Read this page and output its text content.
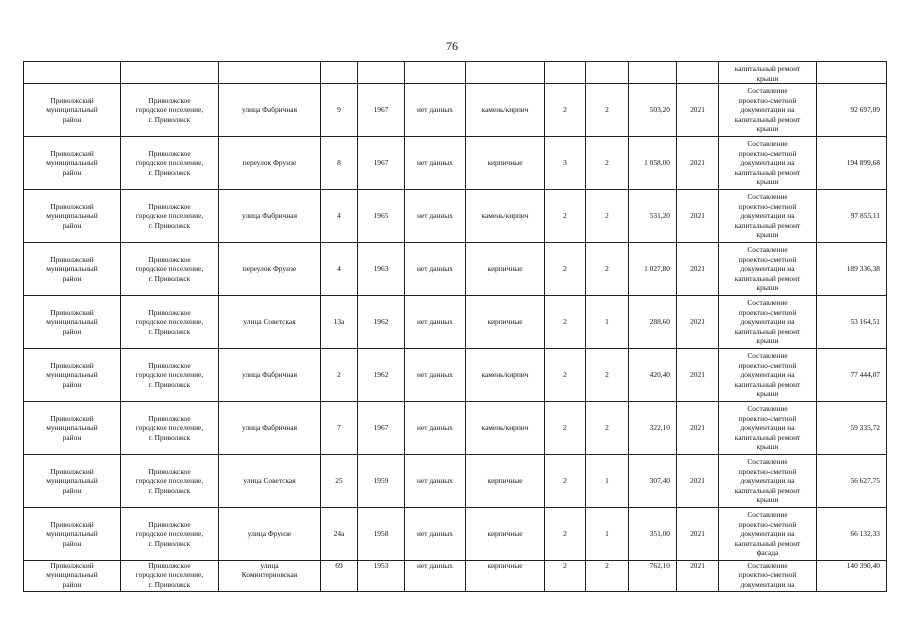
76

											капитальный ремонт
крыши	

Приволжский
муниципальный
район	Приволжское
городское поселение,
г. Приволжск	улица Фабричная	9	1967	нет данных	камень/кирпич	2	2	503,20	2021	Составление
проектно-сметной
документации на
капитальный ремонт
крыши	92 697,09

Приволжский
муниципальный
район	Приволжское
городское поселение,
г. Приволжск	переулок Фрунзе	8	1967	нет данных	кирпичные	3	2	1 058,00	2021	Составление
проектно-сметной
документации на
капитальный ремонт
крыши	194 899,68

Приволжский
муниципальный
район	Приволжское
городское поселение,
г. Приволжск	улица Фабричная	4	1965	нет данных	камень/кирпич	2	2	531,20	2021	Составление
проектно-сметной
документации на
капитальный ремонт
крыши	97 855,11

Приволжский
муниципальный
район	Приволжское
городское поселение,
г. Приволжск	переулок Фрунзе	4	1963	нет данных	кирпичные	2	2	1 027,80	2021	Составление
проектно-сметной
документации на
капитальный ремонт
крыши	189 336,38

Приволжский
муниципальный
район	Приволжское
городское поселение,
г. Приволжск	улица Советская	13а	1962	нет данных	кирпичные	2	1	288,60	2021	Составление
проектно-сметной
документации на
капитальный ремонт
крыши	53 164,51

Приволжский
муниципальный
район	Приволжское
городское поселение,
г. Приволжск	улица Фабричная	2	1962	нет данных	камень/кирпич	2	2	420,40	2021	Составление
проектно-сметной
документации на
капитальный ремонт
крыши	77 444,07

Приволжский
муниципальный
район	Приволжское
городское поселение,
г. Приволжск	улица Фабричная	7	1967	нет данных	камень/кирпич	2	2	322,10	2021	Составление
проектно-сметной
документации на
капитальный ремонт
крыши	59 335,72

Приволжский
муниципальный
район	Приволжское
городское поселение,
г. Приволжск	улица Советская	25	1959	нет данных	кирпичные	2	1	307,40	2021	Составление
проектно-сметной
документации на
капитальный ремонт
крыши	56 627,75

Приволжский
муниципальный
район	Приволжское
городское поселение,
г. Приволжск	улица Фрунзе	24а	1958	нет данных	кирпичные	2	1	351,00	2021	Составление
проектно-сметной
документации на
капитальный ремонт
фасада	66 132,33

Приволжский
муниципальный
район	Приволжское
городское поселение,
г. Приволжск	улица
Коминтерновская	69	1953	нет данных	кирпичные	2	2	762,10	2021	Составление
проектно-сметной
документации на	140 390,40
